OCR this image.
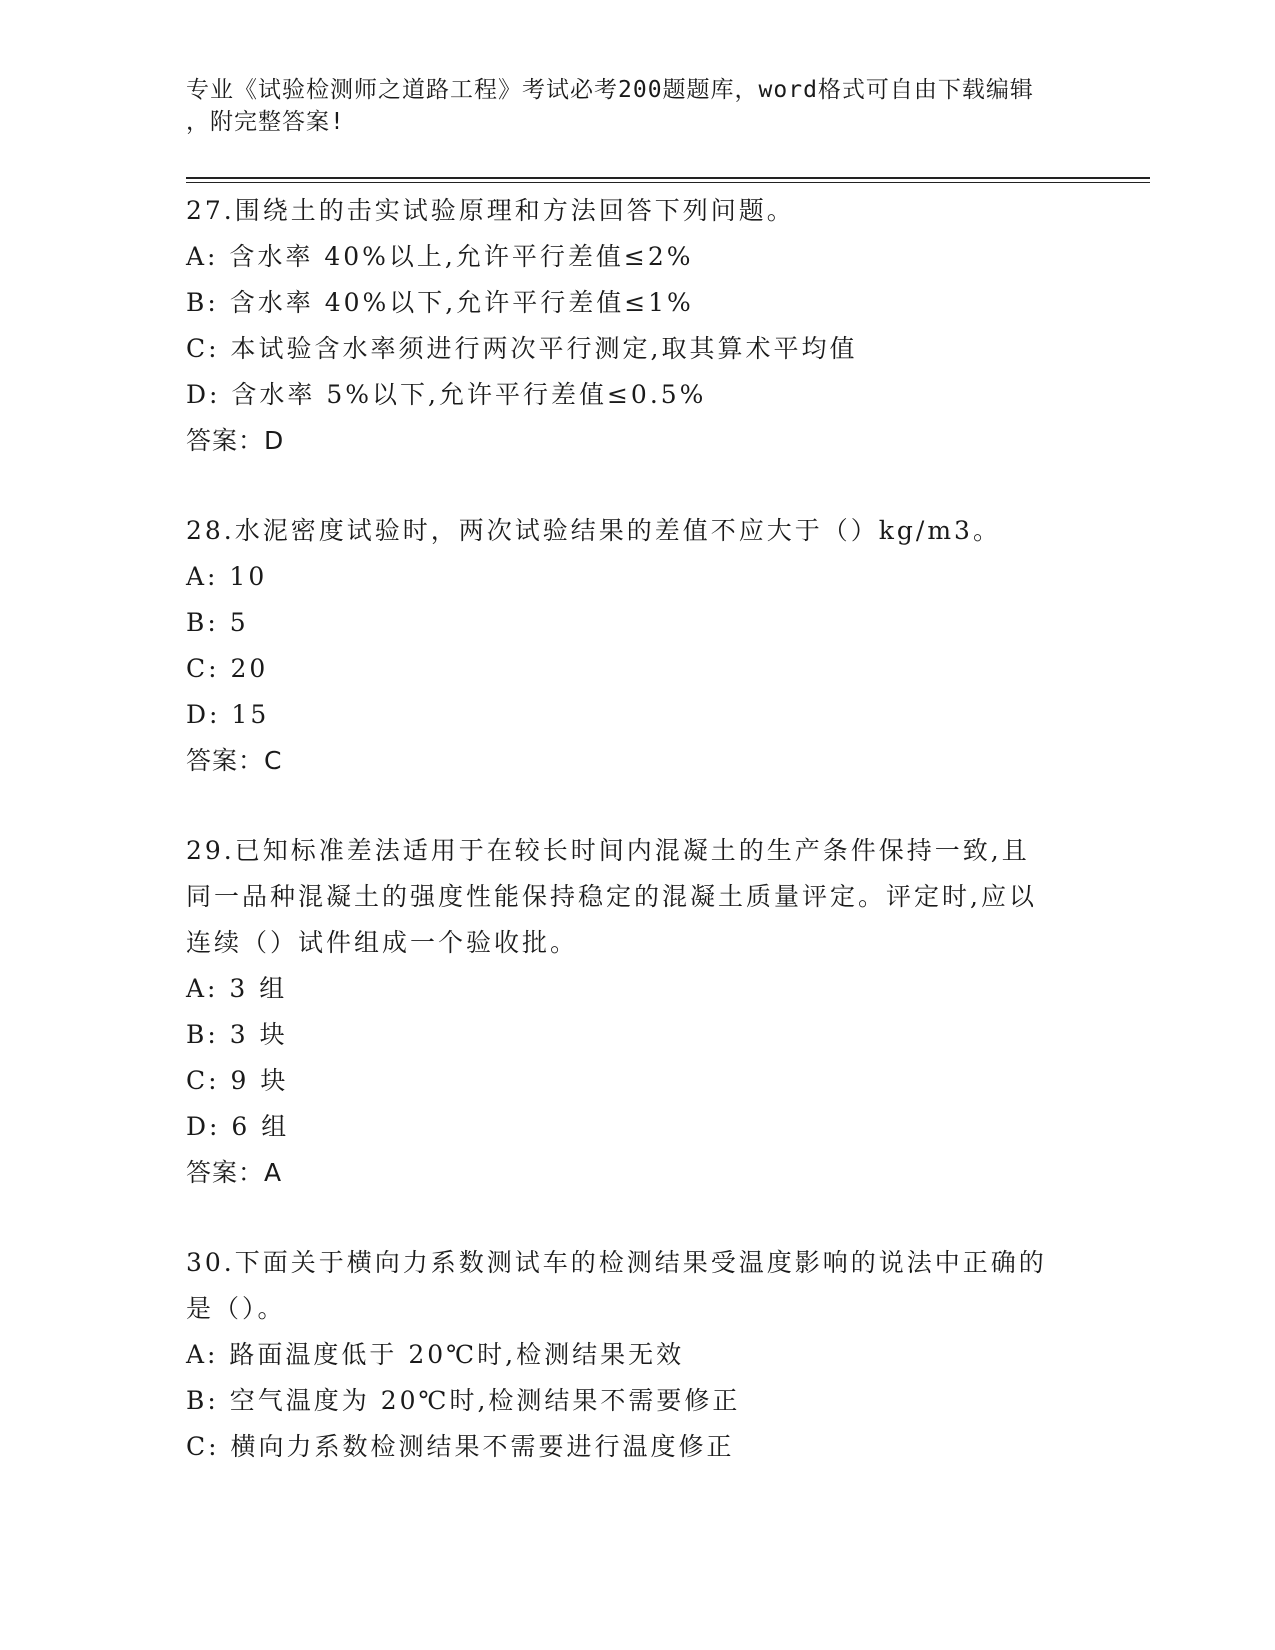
专业《试验检测师之道路工程》考试必考200题题库，word格式可自由下载编辑
，附完整答案!
27.围绕土的击实试验原理和方法回答下列问题。
A: 含水率 40%以上,允许平行差值≤2%
B: 含水率 40%以下,允许平行差值≤1%
C: 本试验含水率须进行两次平行测定,取其算术平均值
D: 含水率 5%以下,允许平行差值≤0.5%
答案：D
28.水泥密度试验时，两次试验结果的差值不应大于（）kg/m3。
A: 10
B: 5
C: 20
D: 15
答案：C
29.已知标准差法适用于在较长时间内混凝土的生产条件保持一致,且
同一品种混凝土的强度性能保持稳定的混凝土质量评定。评定时,应以
连续（）试件组成一个验收批。
A: 3 组
B: 3 块
C: 9 块
D: 6 组
答案：A
30.下面关于横向力系数测试车的检测结果受温度影响的说法中正确的
是（）。
A: 路面温度低于 20℃时,检测结果无效
B: 空气温度为 20℃时,检测结果不需要修正
C: 横向力系数检测结果不需要进行温度修正
